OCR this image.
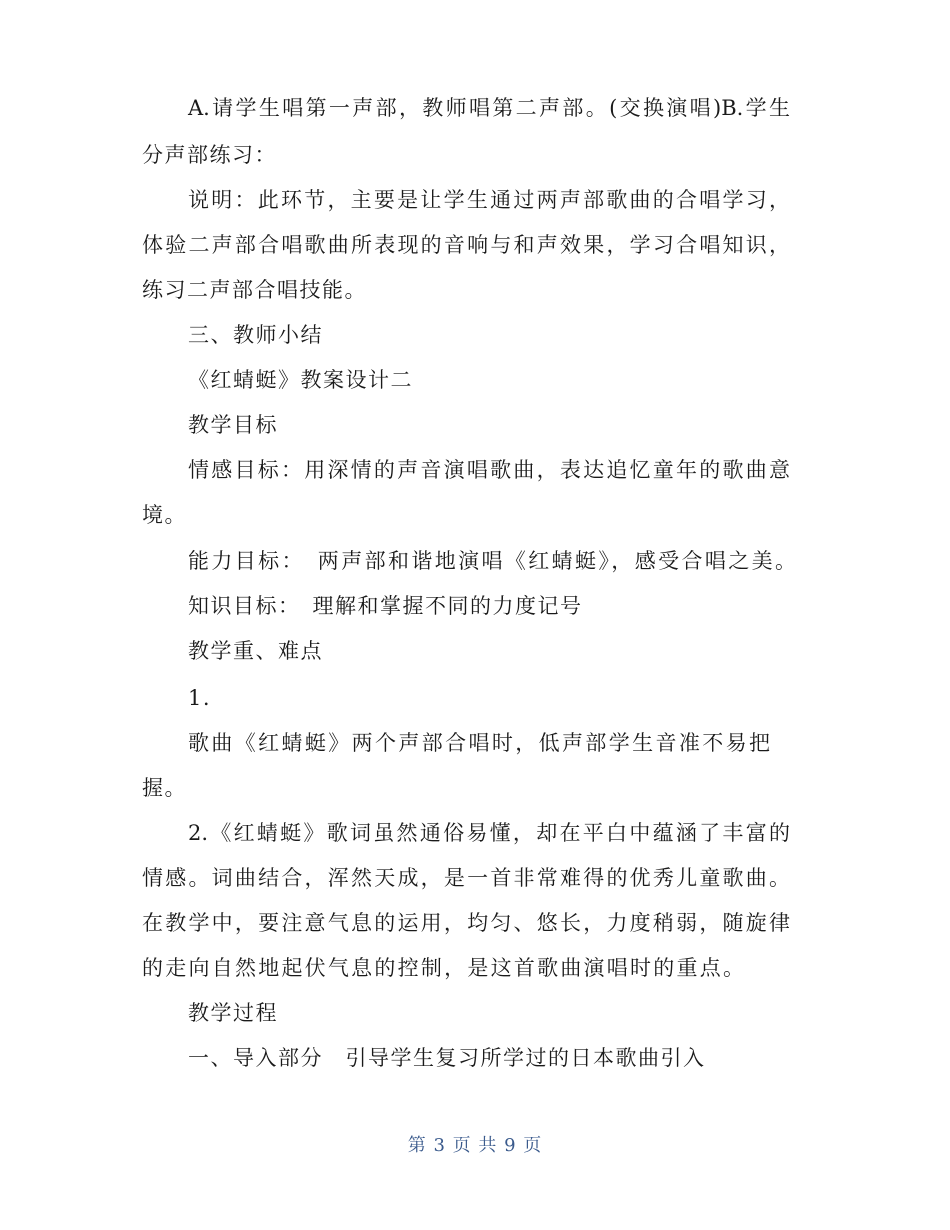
A.请学生唱第一声部，教师唱第二声部。(交换演唱)B.学生
分声部练习：
说明：此环节，主要是让学生通过两声部歌曲的合唱学习，
体验二声部合唱歌曲所表现的音响与和声效果，学习合唱知识，
练习二声部合唱技能。
三、教师小结
《红蜻蜓》教案设计二
教学目标
情感目标：用深情的声音演唱歌曲，表达追忆童年的歌曲意
境。
能力目标：　两声部和谐地演唱《红蜻蜓》，感受合唱之美。
知识目标：　理解和掌握不同的力度记号
教学重、难点
1.
歌曲《红蜻蜓》两个声部合唱时，低声部学生音准不易把
握。
2.《红蜻蜓》歌词虽然通俗易懂，却在平白中蕴涵了丰富的
情感。词曲结合，浑然天成，是一首非常难得的优秀儿童歌曲。
在教学中，要注意气息的运用，均匀、悠长，力度稍弱，随旋律
的走向自然地起伏气息的控制，是这首歌曲演唱时的重点。
教学过程
一、导入部分　引导学生复习所学过的日本歌曲引入
第 3 页 共 9 页
